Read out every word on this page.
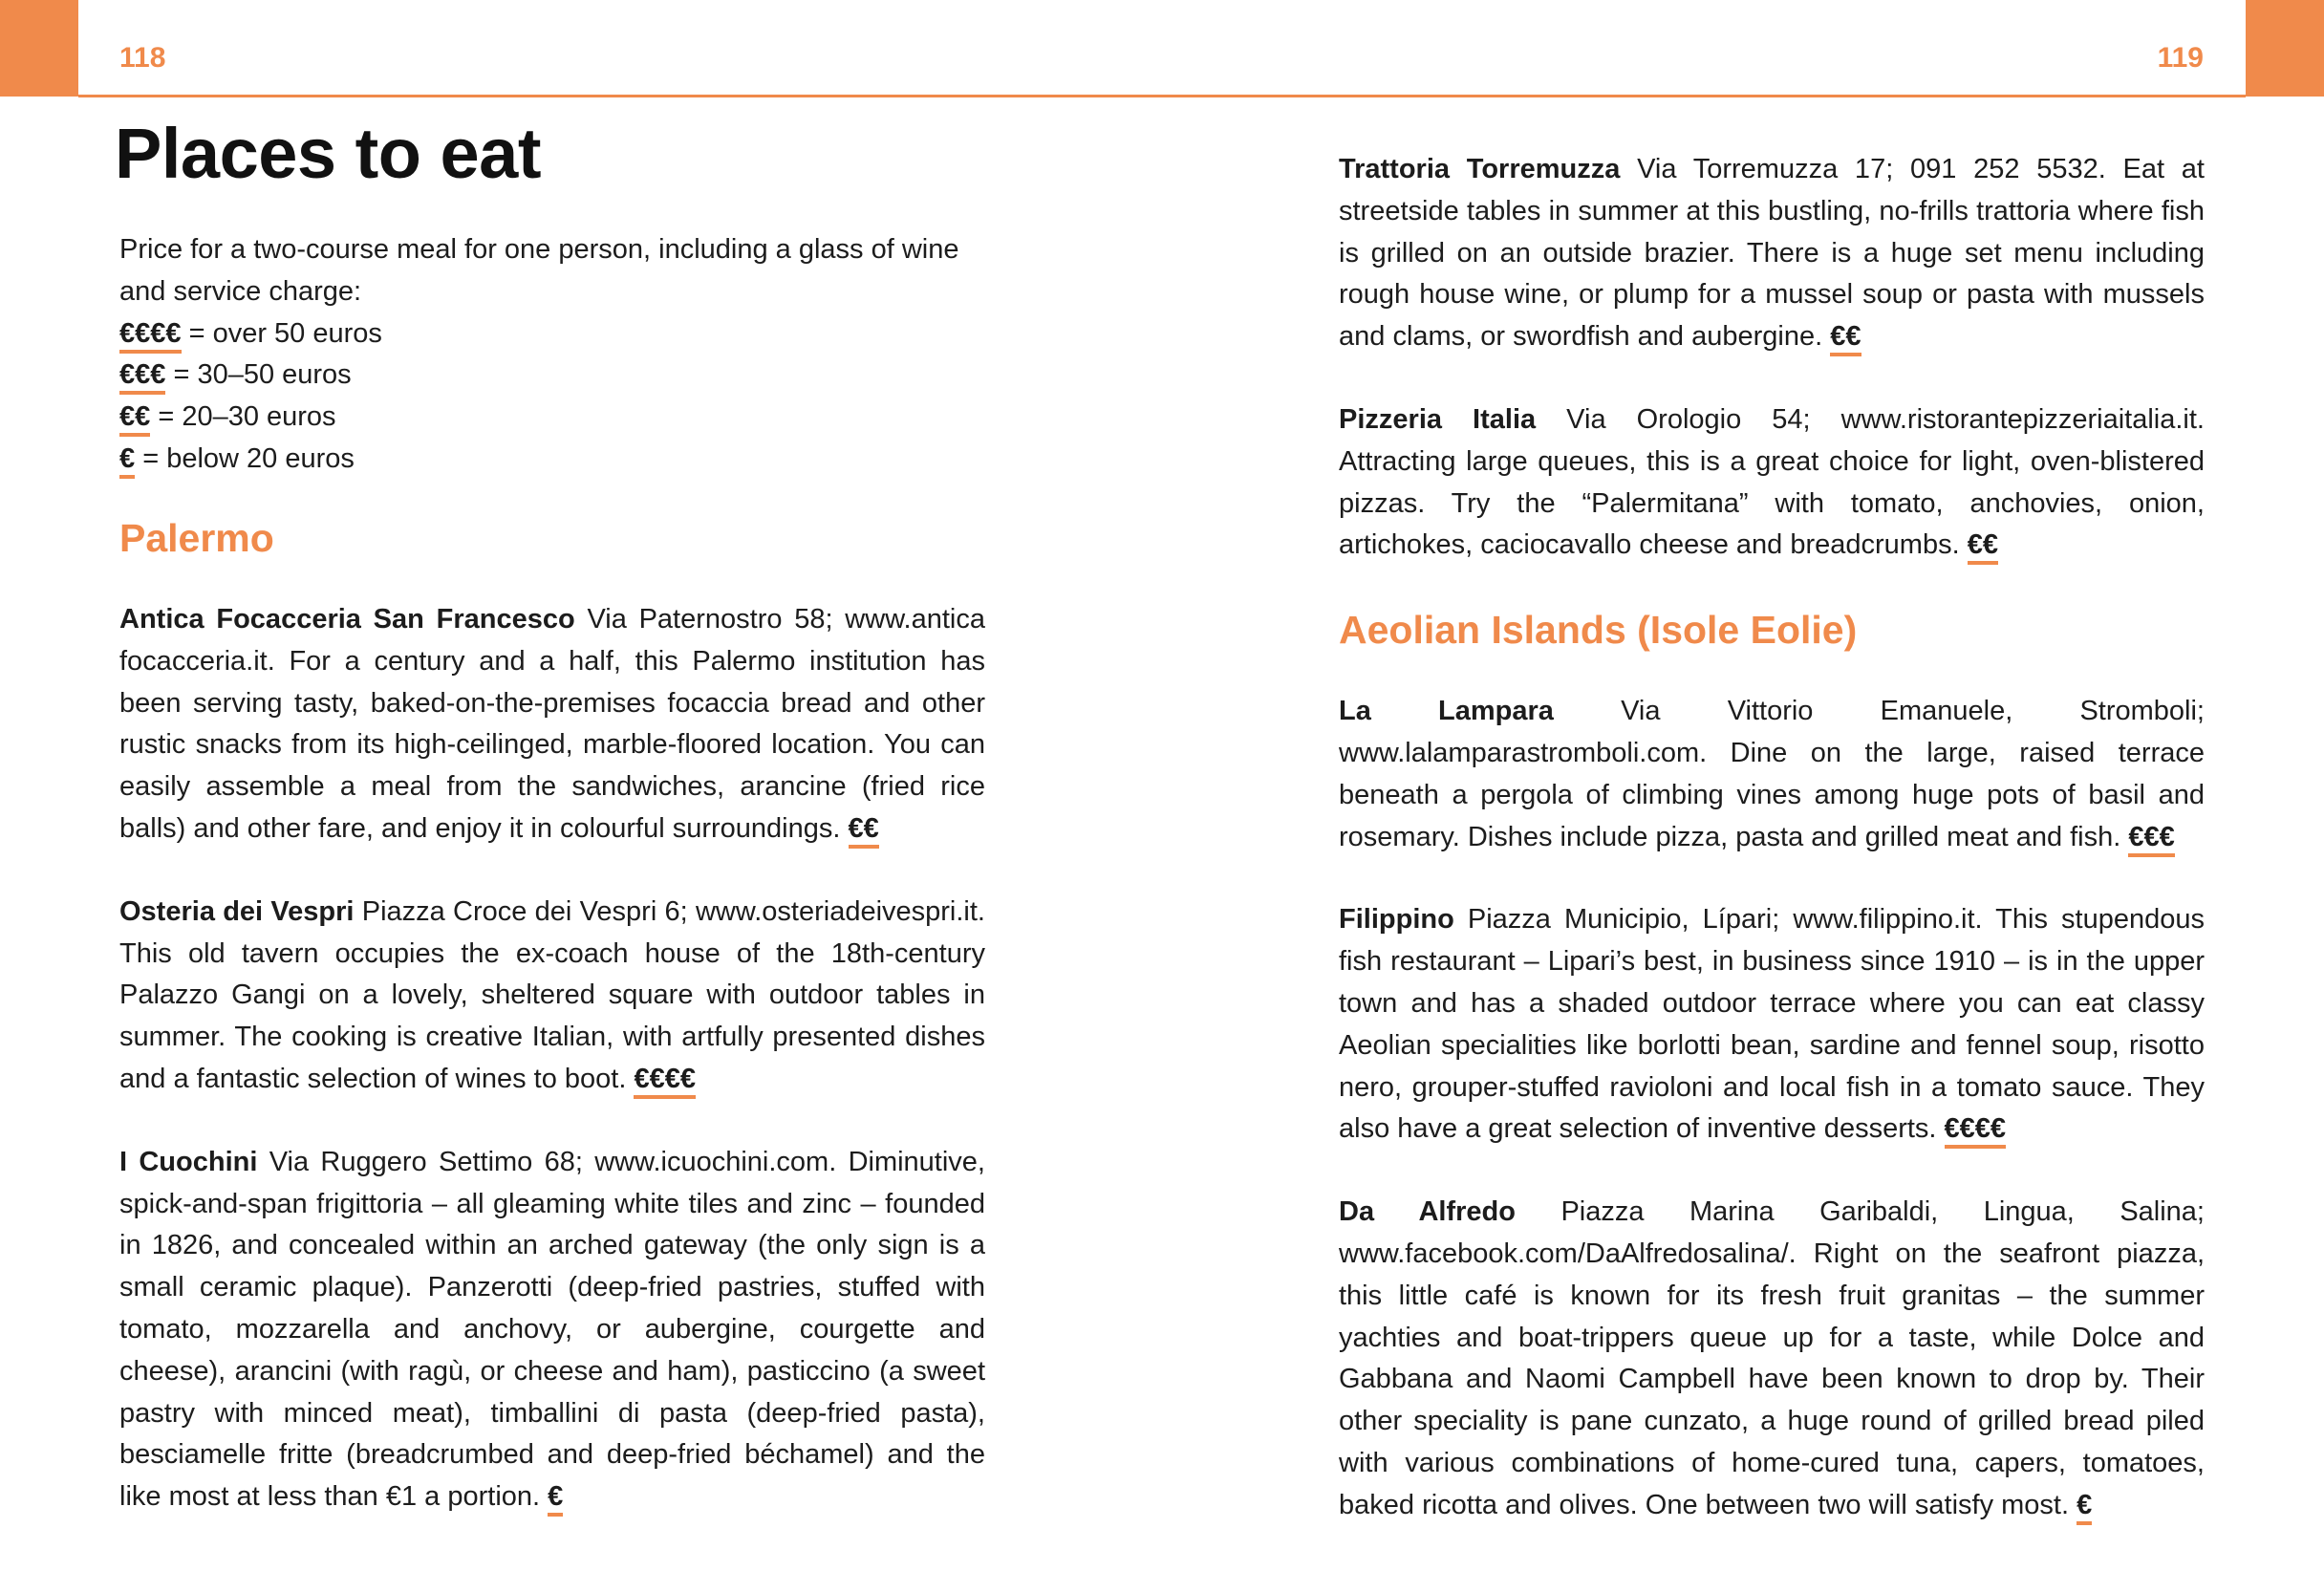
118	119
Places to eat

Price for a two-course meal for one person, including a glass of wine and service charge:

€€€€ = over 50 euros

€€€ = 30–50 euros

€€ = 20–30 euros

€ = below 20 euros

Palermo

Antica Focacceria San Francesco Via Paternostro 58; www.antica focacceria.it. For a century and a half, this Palermo institution has been serving tasty, baked-on-the-premises focaccia bread and other rustic snacks from its high-ceilinged, marble-floored location. You can easily assemble a meal from the sandwiches, arancine (fried rice balls) and other fare, and enjoy it in colourful surroundings. €€

Osteria dei Vespri Piazza Croce dei Vespri 6; www.osteriadeivespri.it. This old tavern occupies the ex-coach house of the 18th-century Palazzo Gangi on a lovely, sheltered square with outdoor tables in summer. The cooking is creative Italian, with artfully presented dishes and a fantastic selection of wines to boot. €€€€

I Cuochini Via Ruggero Settimo 68; www.icuochini.com. Diminutive, spick-and-span frigittoria – all gleaming white tiles and zinc – founded in 1826, and concealed within an arched gateway (the only sign is a small ceramic plaque). Panzerotti (deep-fried pastries, stuffed with tomato, mozzarella and anchovy, or aubergine, courgette and cheese), arancini (with ragù, or cheese and ham), pasticcino (a sweet pastry with minced meat), timballini di pasta (deep-fried pasta), besciamelle fritte (breadcrumbed and deep-fried béchamel) and the like most at less than €1 a portion. €

Trattoria Torremuzza Via Torremuzza 17; 091 252 5532. Eat at streetside tables in summer at this bustling, no-frills trattoria where fish is grilled on an outside brazier. There is a huge set menu including rough house wine, or plump for a mussel soup or pasta with mussels and clams, or swordfish and aubergine. €€

Pizzeria Italia Via Orologio 54; www.ristorantepizzeriaitalia.it. Attracting large queues, this is a great choice for light, oven-blistered pizzas. Try the “Palermitana” with tomato, anchovies, onion, artichokes, caciocavallo cheese and breadcrumbs. €€

Aeolian Islands (Isole Eolie)

La Lampara Via Vittorio Emanuele, Stromboli; www.lalamparastromboli.com. Dine on the large, raised terrace beneath a pergola of climbing vines among huge pots of basil and rosemary. Dishes include pizza, pasta and grilled meat and fish. €€€

Filippino Piazza Municipio, Lípari; www.filippino.it. This stupendous fish restaurant – Lipari’s best, in business since 1910 – is in the upper town and has a shaded outdoor terrace where you can eat classy Aeolian specialities like borlotti bean, sardine and fennel soup, risotto nero, grouper-stuffed ravioloni and local fish in a tomato sauce. They also have a great selection of inventive desserts. €€€€

Da Alfredo Piazza Marina Garibaldi, Lingua, Salina; www.facebook.com/DaAlfredosalina/. Right on the seafront piazza, this little café is known for its fresh fruit granitas – the summer yachties and boat-trippers queue up for a taste, while Dolce and Gabbana and Naomi Campbell have been known to drop by. Their other speciality is pane cunzato, a huge round of grilled bread piled with various combinations of home-cured tuna, capers, tomatoes, baked ricotta and olives. One between two will satisfy most. €
